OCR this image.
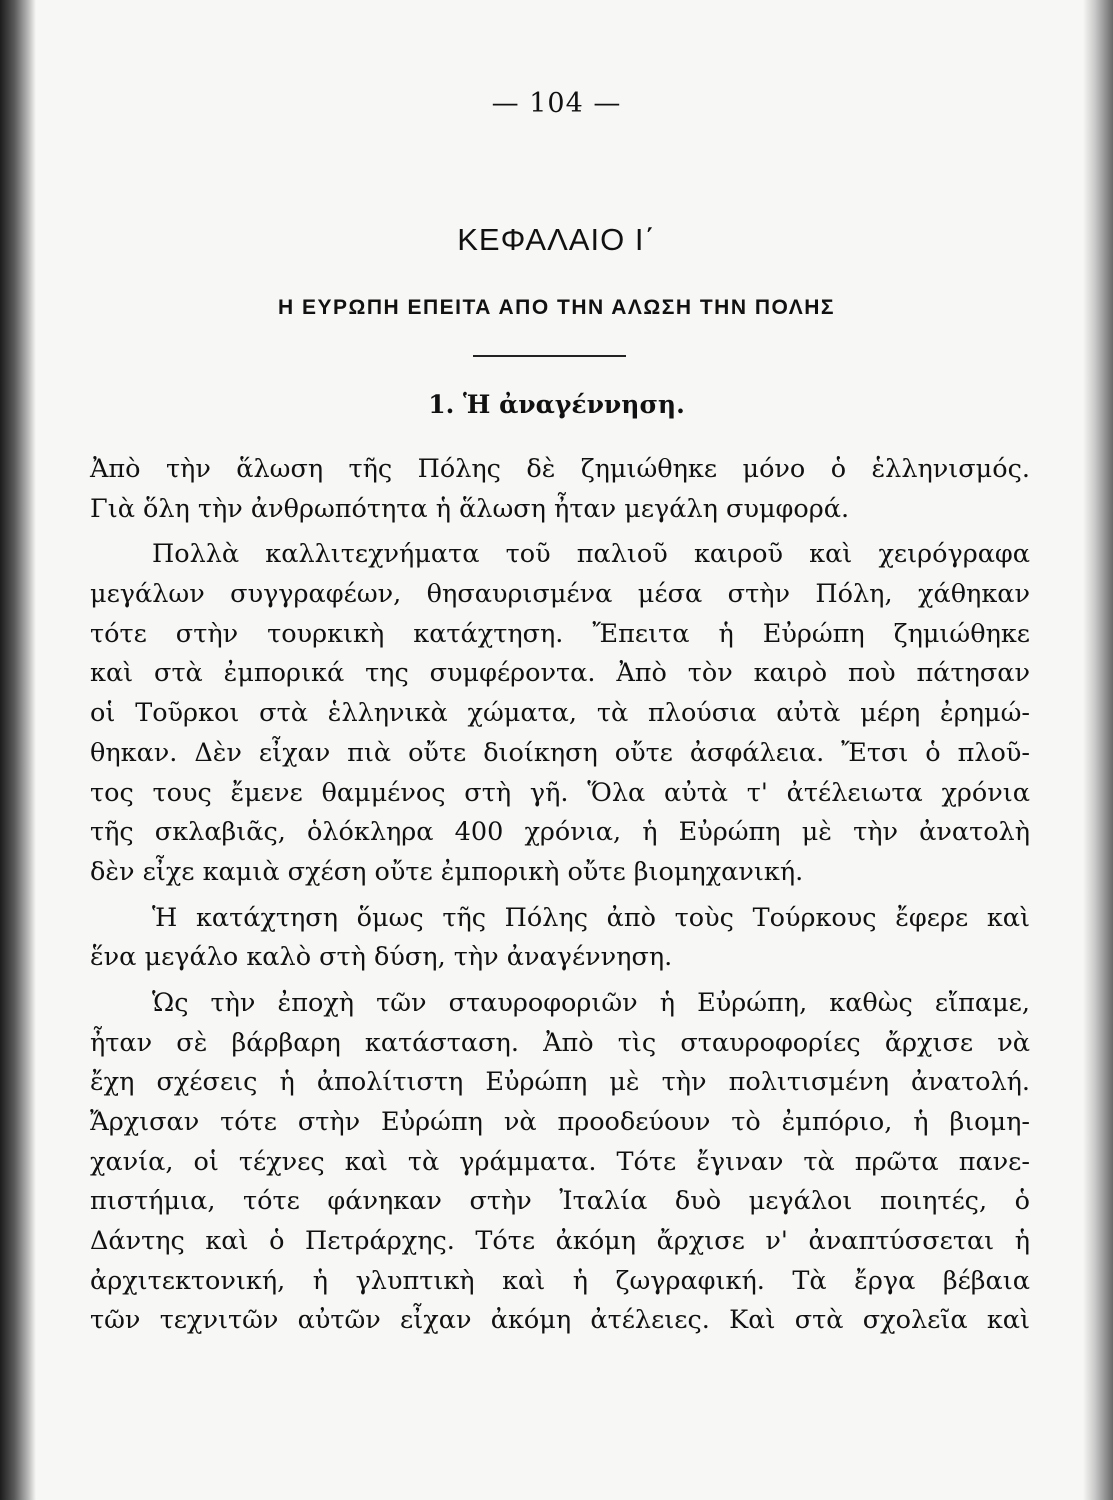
— 104 —
ΚΕΦΑΛΑΙΟ Ι΄
Η ΕΥΡΩΠΗ ΕΠΕΙΤΑ ΑΠΟ ΤΗΝ ΑΛΩΣΗ ΤΗΝ ΠΟΛΗΣ
1. Ἡ ἀναγέννηση.
Ἀπὸ τὴν ἅλωση τῆς Πόλης δὲ ζημιώθηκε μόνο ὁ ἑλληνισμός.
Γιὰ ὅλη τὴν ἀνθρωπότητα ἡ ἅλωση ἦταν μεγάλη συμφορά.
Πολλὰ καλλιτεχνήματα τοῦ παλιοῦ καιροῦ καὶ χειρόγραφα
μεγάλων συγγραφέων, θησαυρισμένα μέσα στὴν Πόλη, χάθηκαν
τότε στὴν τουρκικὴ κατάχτηση. Ἔπειτα ἡ Εὐρώπη ζημιώθηκε
καὶ στὰ ἐμπορικά της συμφέροντα. Ἀπὸ τὸν καιρὸ ποὺ πάτησαν
οἱ Τοῦρκοι στὰ ἑλληνικὰ χώματα, τὰ πλούσια αὐτὰ μέρη ἐρημώ-
θηκαν. Δὲν εἶχαν πιὰ οὔτε διοίκηση οὔτε ἀσφάλεια. Ἔτσι ὁ πλοῦ-
τος τους ἔμενε θαμμένος στὴ γῆ. Ὅλα αὐτὰ τ' ἀτέλειωτα χρόνια
τῆς σκλαβιᾶς, ὁλόκληρα 400 χρόνια, ἡ Εὐρώπη μὲ τὴν ἀνατολὴ
δὲν εἶχε καμιὰ σχέση οὔτε ἐμπορικὴ οὔτε βιομηχανική.
Ἡ κατάχτηση ὅμως τῆς Πόλης ἀπὸ τοὺς Τούρκους ἔφερε καὶ
ἕνα μεγάλο καλὸ στὴ δύση, τὴν ἀναγέννηση.
Ὡς τὴν ἐποχὴ τῶν σταυροφοριῶν ἡ Εὐρώπη, καθὼς εἴπαμε,
ἦταν σὲ βάρβαρη κατάσταση. Ἀπὸ τὶς σταυροφορίες ἄρχισε νὰ
ἔχη σχέσεις ἡ ἀπολίτιστη Εὐρώπη μὲ τὴν πολιτισμένη ἀνατολή.
Ἄρχισαν τότε στὴν Εὐρώπη νὰ προοδεύουν τὸ ἐμπόριο, ἡ βιομη-
χανία, οἱ τέχνες καὶ τὰ γράμματα. Τότε ἔγιναν τὰ πρῶτα πανε-
πιστήμια, τότε φάνηκαν στὴν Ἰταλία δυὸ μεγάλοι ποιητές, ὁ
Δάντης καὶ ὁ Πετράρχης. Τότε ἀκόμη ἄρχισε ν' ἀναπτύσσεται ἡ
ἀρχιτεκτονική, ἡ γλυπτικὴ καὶ ἡ ζωγραφική. Τὰ ἔργα βέβαια
τῶν τεχνιτῶν αὐτῶν εἶχαν ἀκόμη ἀτέλειες. Καὶ στὰ σχολεῖα καὶ
